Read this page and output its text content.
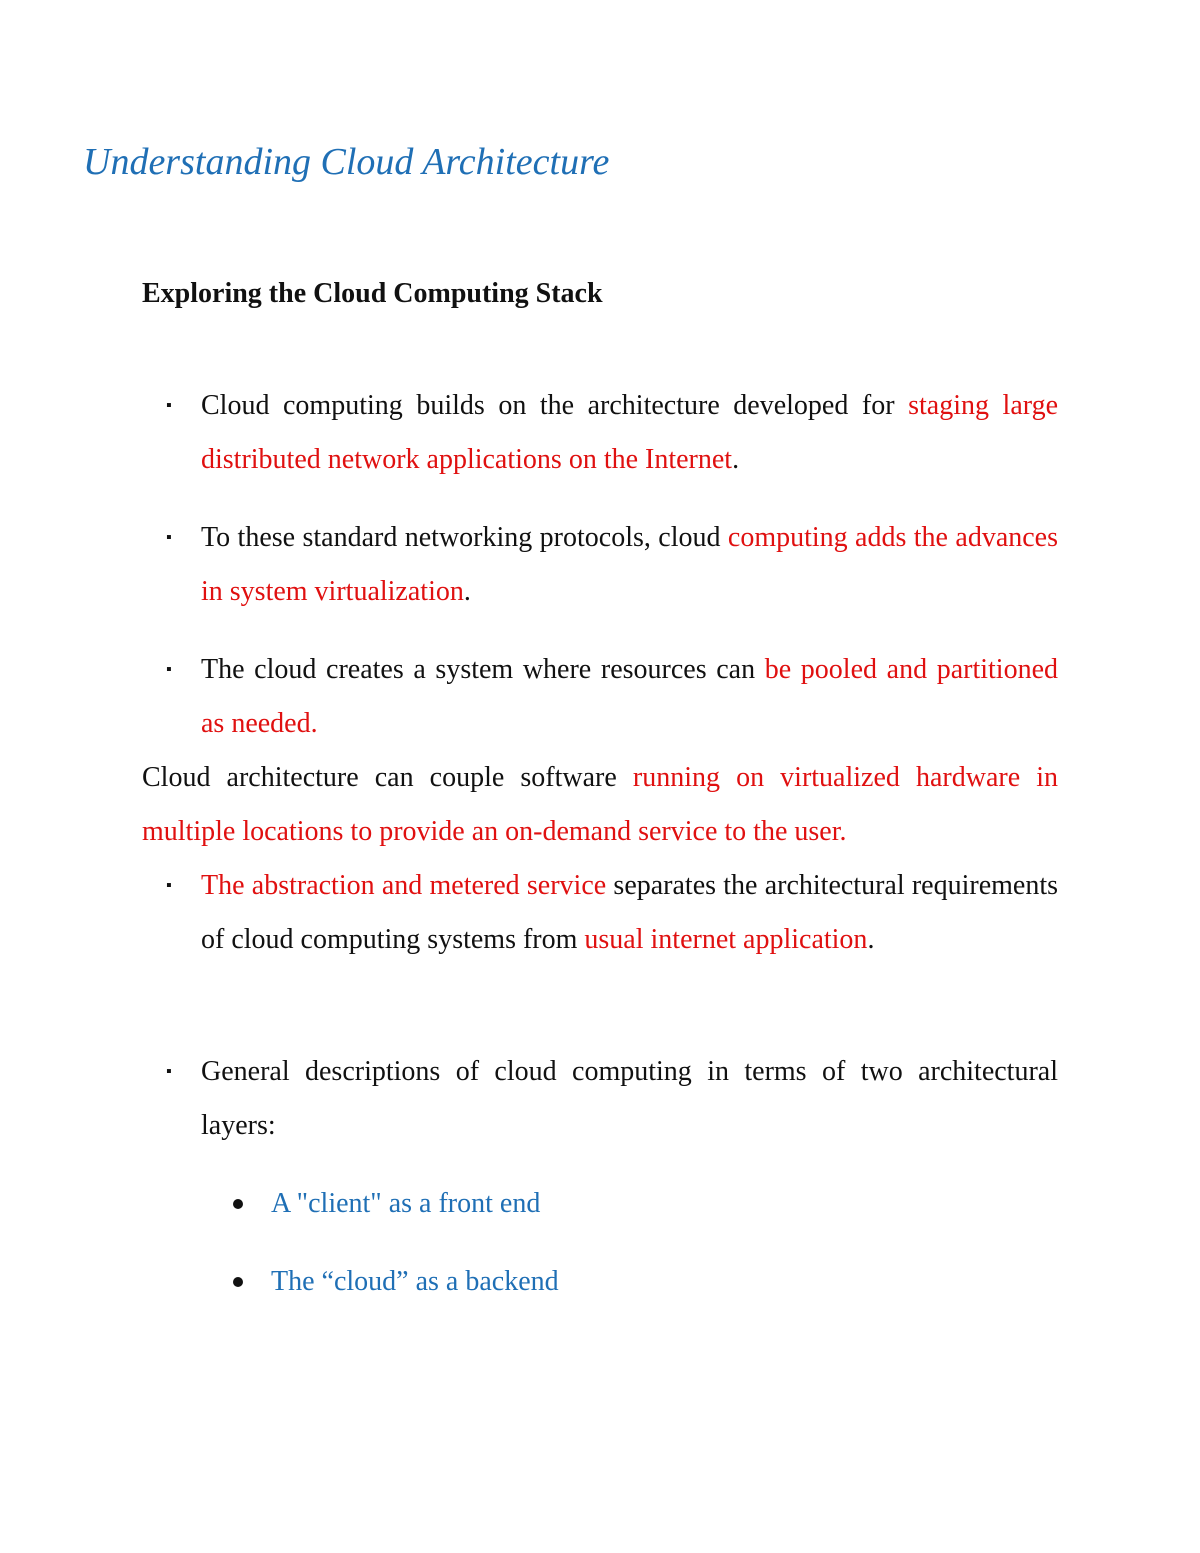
Understanding Cloud Architecture
Exploring the Cloud Computing Stack
▪ Cloud computing builds on the architecture developed for staging large distributed network applications on the Internet.
▪ To these standard networking protocols, cloud computing adds the advances in system virtualization.
▪ The cloud creates a system where resources can be pooled and partitioned as needed.
Cloud architecture can couple software running on virtualized hardware in multiple locations to provide an on-demand service to the user.
▪ The abstraction and metered service separates the architectural requirements of cloud computing systems from usual internet application.
▪ General descriptions of cloud computing in terms of two architectural layers:
A "client" as a front end
The “cloud” as a backend
